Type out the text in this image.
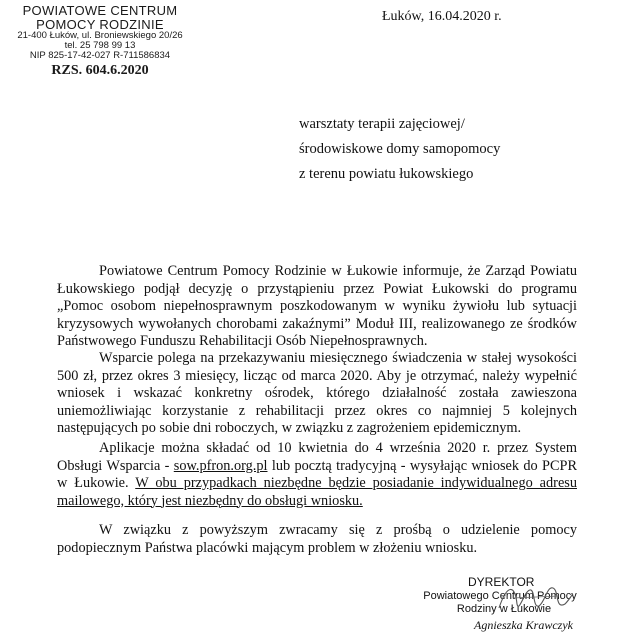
POWIATOWE CENTRUM
POMOCY RODZINIE
21-400 Łuków, ul. Broniewskiego 20/26
tel. 25 798 99 13
NIP 825-17-42-027 R-711586834
RZS. 604.6.2020
Łuków, 16.04.2020 r.
warsztaty terapii zajęciowej/
środowiskowe domy samopomocy
z terenu powiatu łukowskiego

Powiatowe Centrum Pomocy Rodzinie w Łukowie informuje, że Zarząd Powiatu Łukowskiego podjął decyzję o przystąpieniu przez Powiat Łukowski do programu „Pomoc osobom niepełnosprawnym poszkodowanym w wyniku żywiołu lub sytuacji kryzysowych wywołanych chorobami zakaźnymi” Moduł III, realizowanego ze środków Państwowego Funduszu Rehabilitacji Osób Niepełnosprawnych.

Wsparcie polega na przekazywaniu miesięcznego świadczenia w stałej wysokości 500 zł, przez okres 3 miesięcy, licząc od marca 2020. Aby je otrzymać, należy wypełnić wniosek i wskazać konkretny ośrodek, którego działalność została zawieszona uniemożliwiając korzystanie z rehabilitacji przez okres co najmniej 5 kolejnych następujących po sobie dni roboczych, w związku z zagrożeniem epidemicznym.

Aplikacje można składać od 10 kwietnia do 4 września 2020 r. przez System Obsługi Wsparcia - sow.pfron.org.pl lub pocztą tradycyjną - wysyłając wniosek do PCPR w Łukowie. W obu przypadkach niezbędne będzie posiadanie indywidualnego adresu mailowego, który jest niezbędny do obsługi wniosku.

W związku z powyższym zwracamy się z prośbą o udzielenie pomocy podopiecznym Państwa placówki mającym problem w złożeniu wniosku.

DYREKTOR
Powiatowego Centrum Pomocy
Rodziny w Łukowie
Agnieszka Krawczyk
